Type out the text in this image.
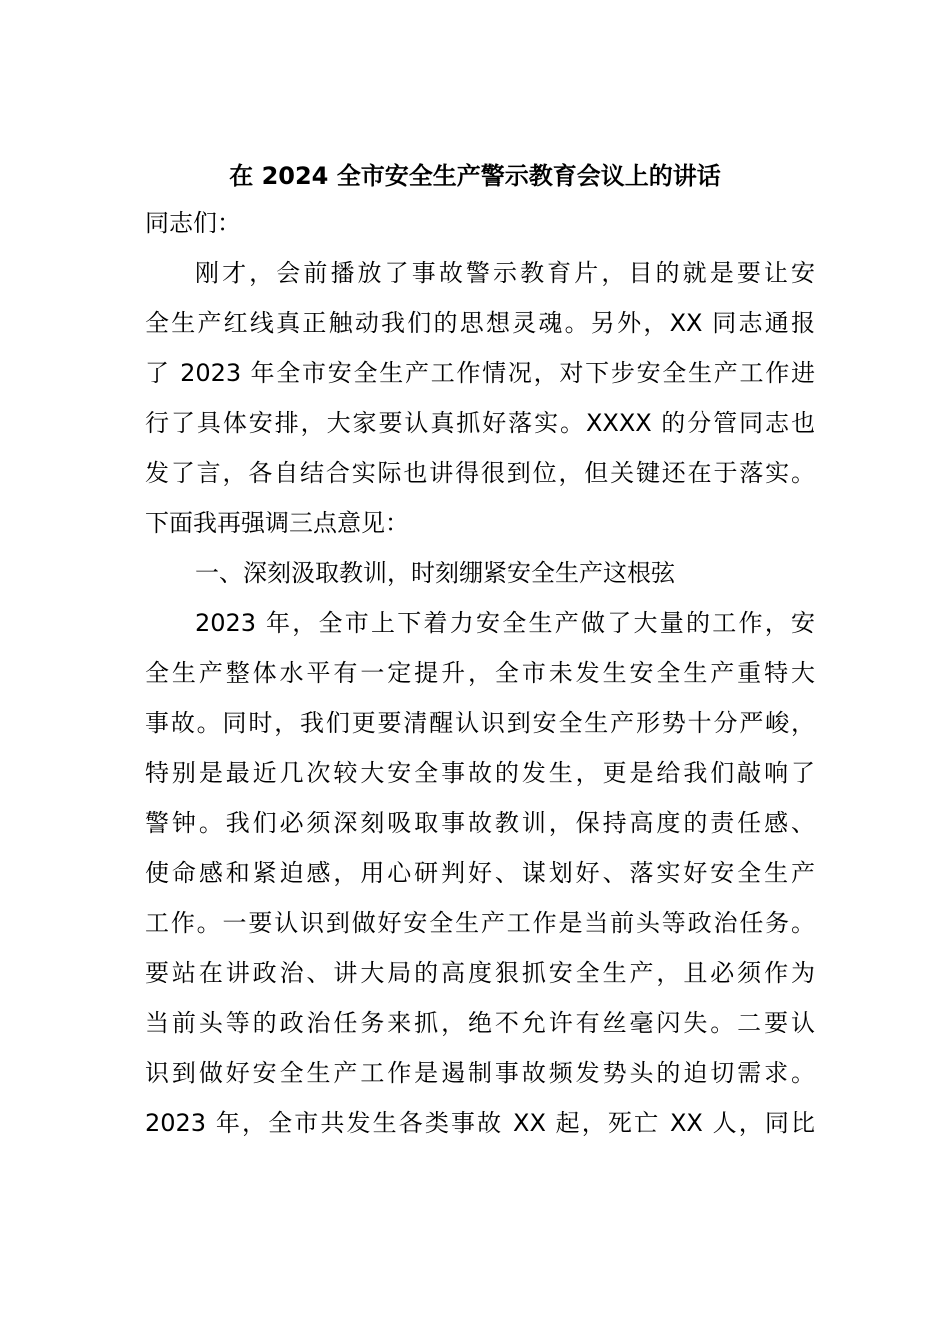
在 2024 全市安全生产警示教育会议上的讲话
同志们：
刚才，会前播放了事故警示教育片，目的就是要让安
全生产红线真正触动我们的思想灵魂。另外，XX 同志通报
了 2023 年全市安全生产工作情况，对下步安全生产工作进
行了具体安排，大家要认真抓好落实。XXXX 的分管同志也
发了言，各自结合实际也讲得很到位，但关键还在于落实。
下面我再强调三点意见：
一、深刻汲取教训，时刻绷紧安全生产这根弦
2023 年，全市上下着力安全生产做了大量的工作，安
全生产整体水平有一定提升，全市未发生安全生产重特大
事故。同时，我们更要清醒认识到安全生产形势十分严峻，
特别是最近几次较大安全事故的发生，更是给我们敲响了
警钟。我们必须深刻吸取事故教训，保持高度的责任感、
使命感和紧迫感，用心研判好、谋划好、落实好安全生产
工作。一要认识到做好安全生产工作是当前头等政治任务。
要站在讲政治、讲大局的高度狠抓安全生产，且必须作为
当前头等的政治任务来抓，绝不允许有丝毫闪失。二要认
识到做好安全生产工作是遏制事故频发势头的迫切需求。
2023 年，全市共发生各类事故 XX 起，死亡 XX 人，同比
